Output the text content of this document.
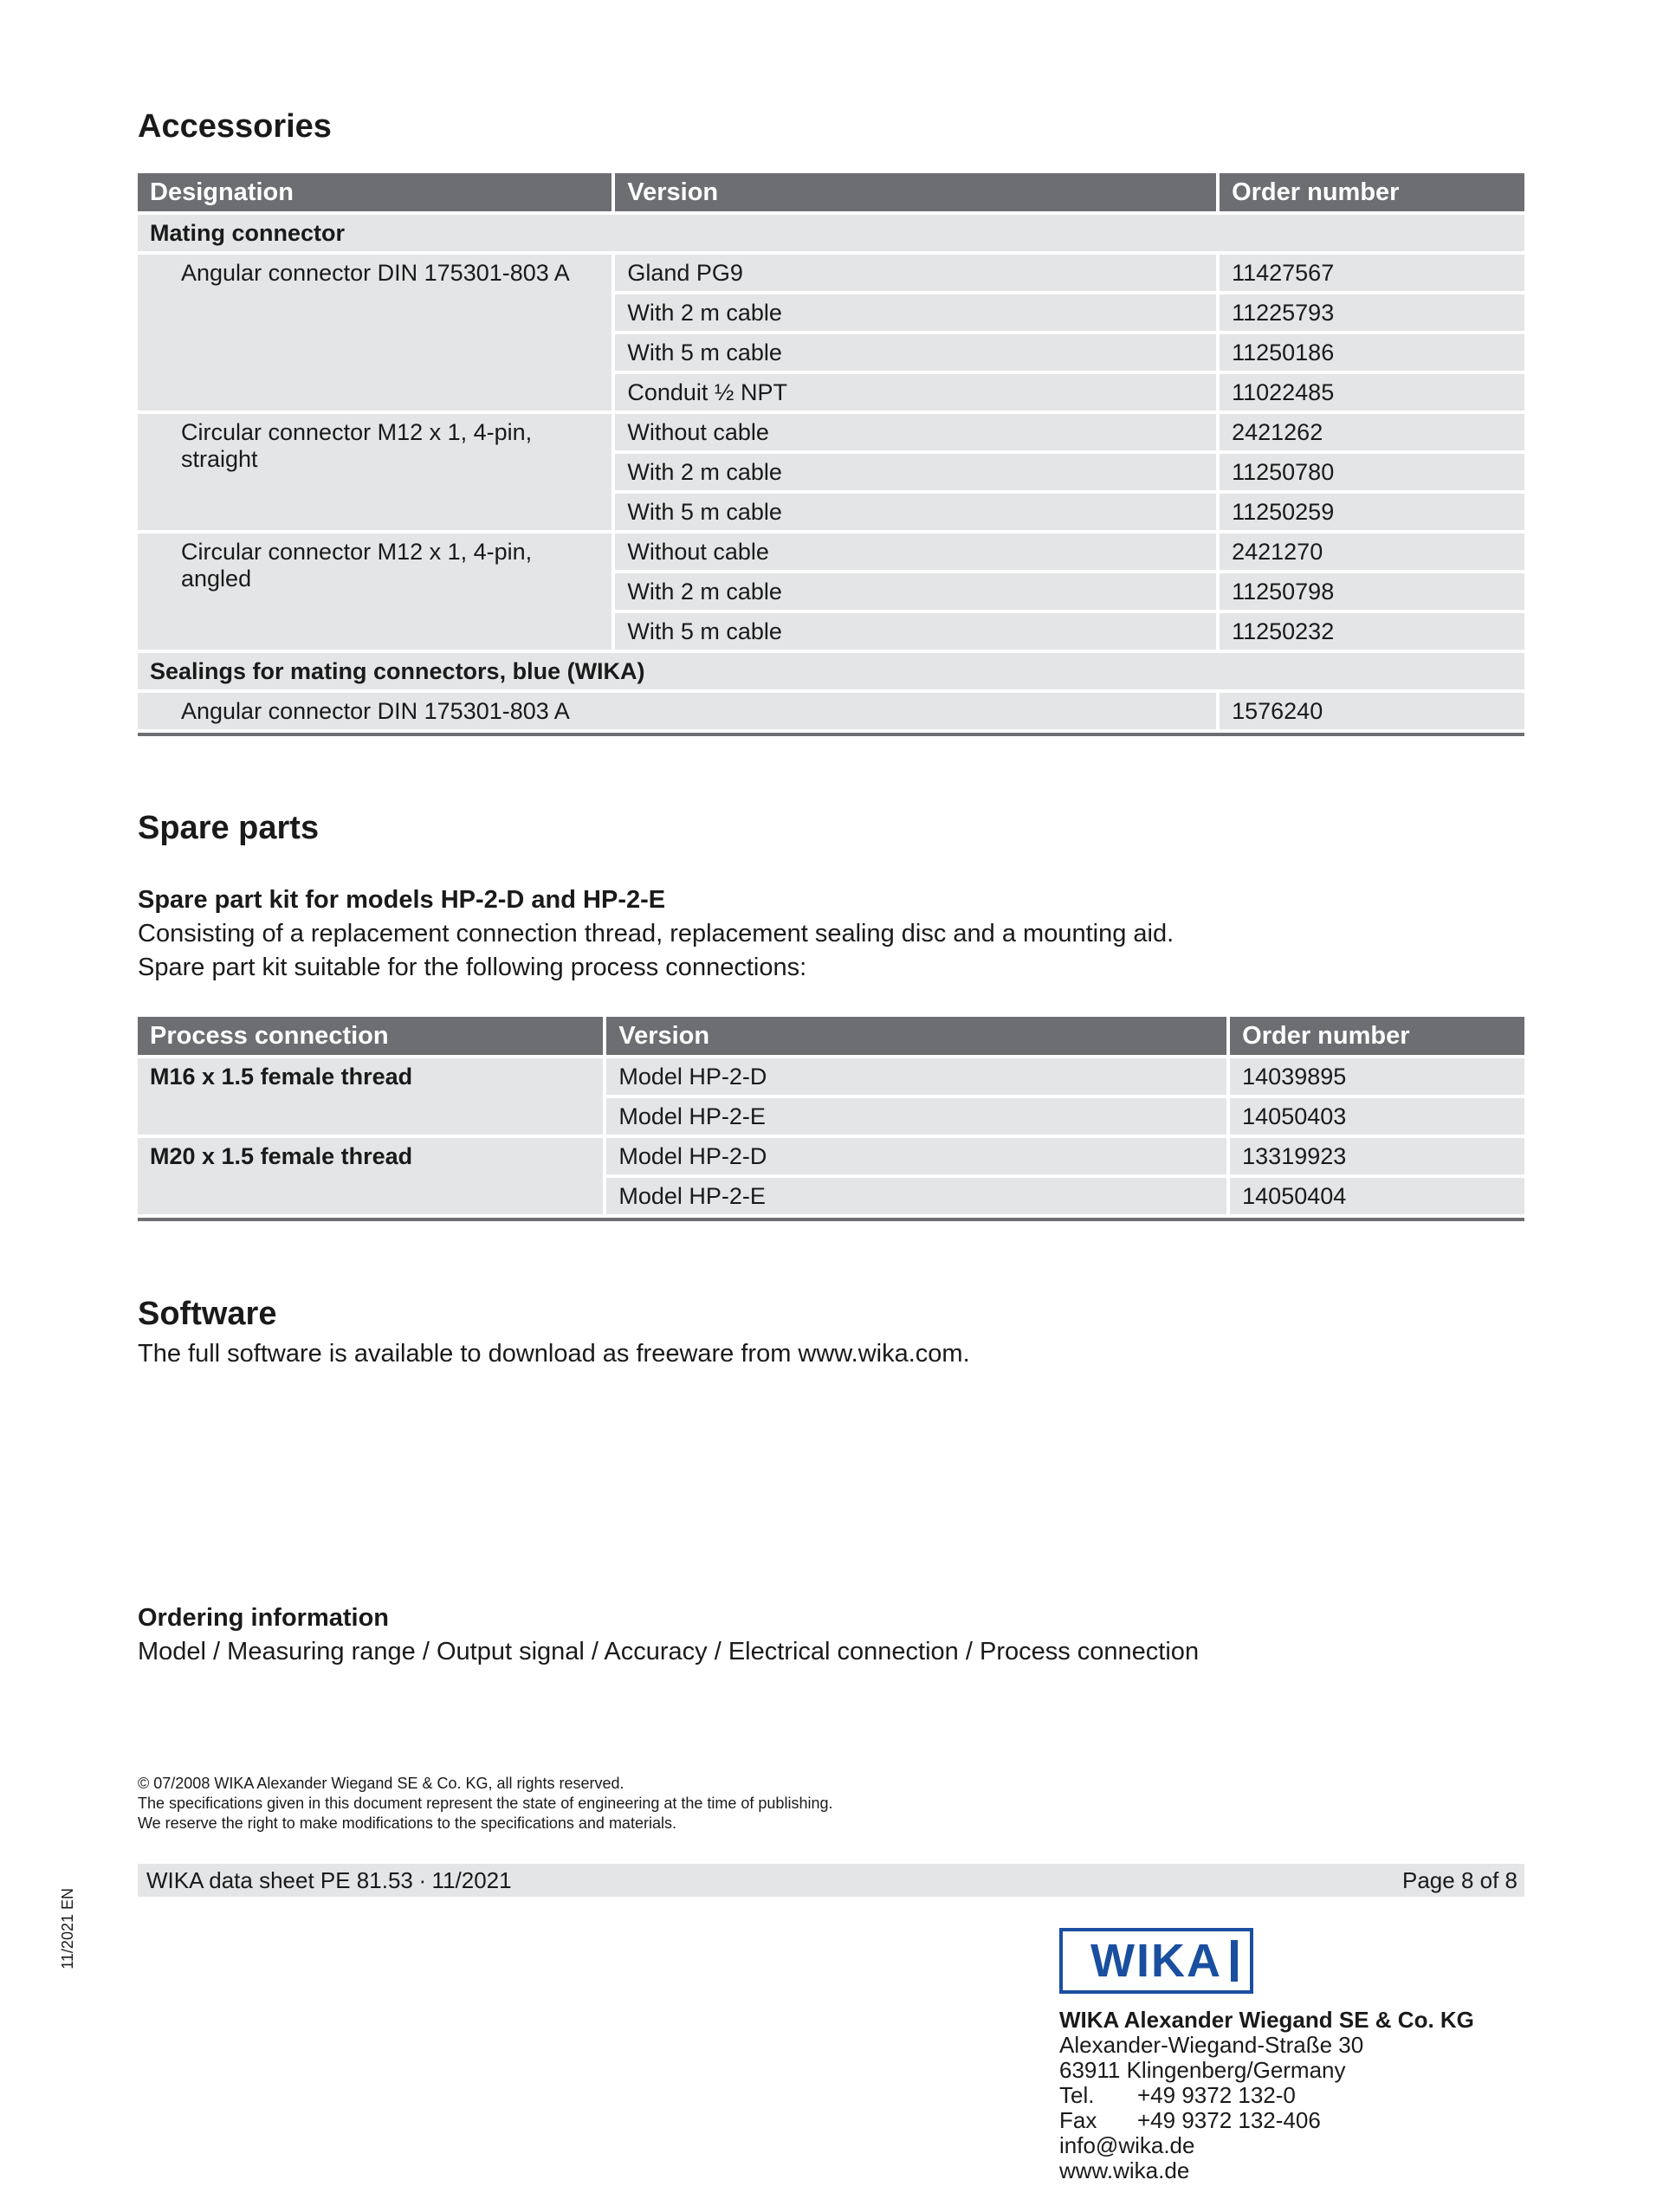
Accessories
Designation	Version	Order number
Mating connector		
Angular connector DIN 175301-803 A	Gland PG9	11427567
	With 2 m cable	11225793
	With 5 m cable	11250186
	Conduit ½ NPT	11022485
Circular connector M12 x 1, 4-pin, straight	Without cable	2421262
	With 2 m cable	11250780
	With 5 m cable	11250259
Circular connector M12 x 1, 4-pin, angled	Without cable	2421270
	With 2 m cable	11250798
	With 5 m cable	11250232
Sealings for mating connectors, blue (WIKA)		
Angular connector DIN 175301-803 A		1576240
Spare parts
Spare part kit for models HP-2-D and HP-2-E
Consisting of a replacement connection thread, replacement sealing disc and a mounting aid.
Spare part kit suitable for the following process connections:
Process connection	Version	Order number
M16 x 1.5 female thread	Model HP-2-D	14039895
	Model HP-2-E	14050403
M20 x 1.5 female thread	Model HP-2-D	13319923
	Model HP-2-E	14050404
Software
The full software is available to download as freeware from www.wika.com.
Ordering information
Model / Measuring range / Output signal / Accuracy / Electrical connection / Process connection
© 07/2008 WIKA Alexander Wiegand SE & Co. KG, all rights reserved.
The specifications given in this document represent the state of engineering at the time of publishing.
We reserve the right to make modifications to the specifications and materials.
WIKA data sheet PE 81.53 ∙ 11/2021	Page 8 of 8
11/2021 EN	WIKA
WIKA Alexander Wiegand SE & Co. KG
Alexander-Wiegand-Straße 30
63911 Klingenberg/Germany
Tel. +49 9372 132-0
Fax +49 9372 132-406
info@wika.de
www.wika.de
